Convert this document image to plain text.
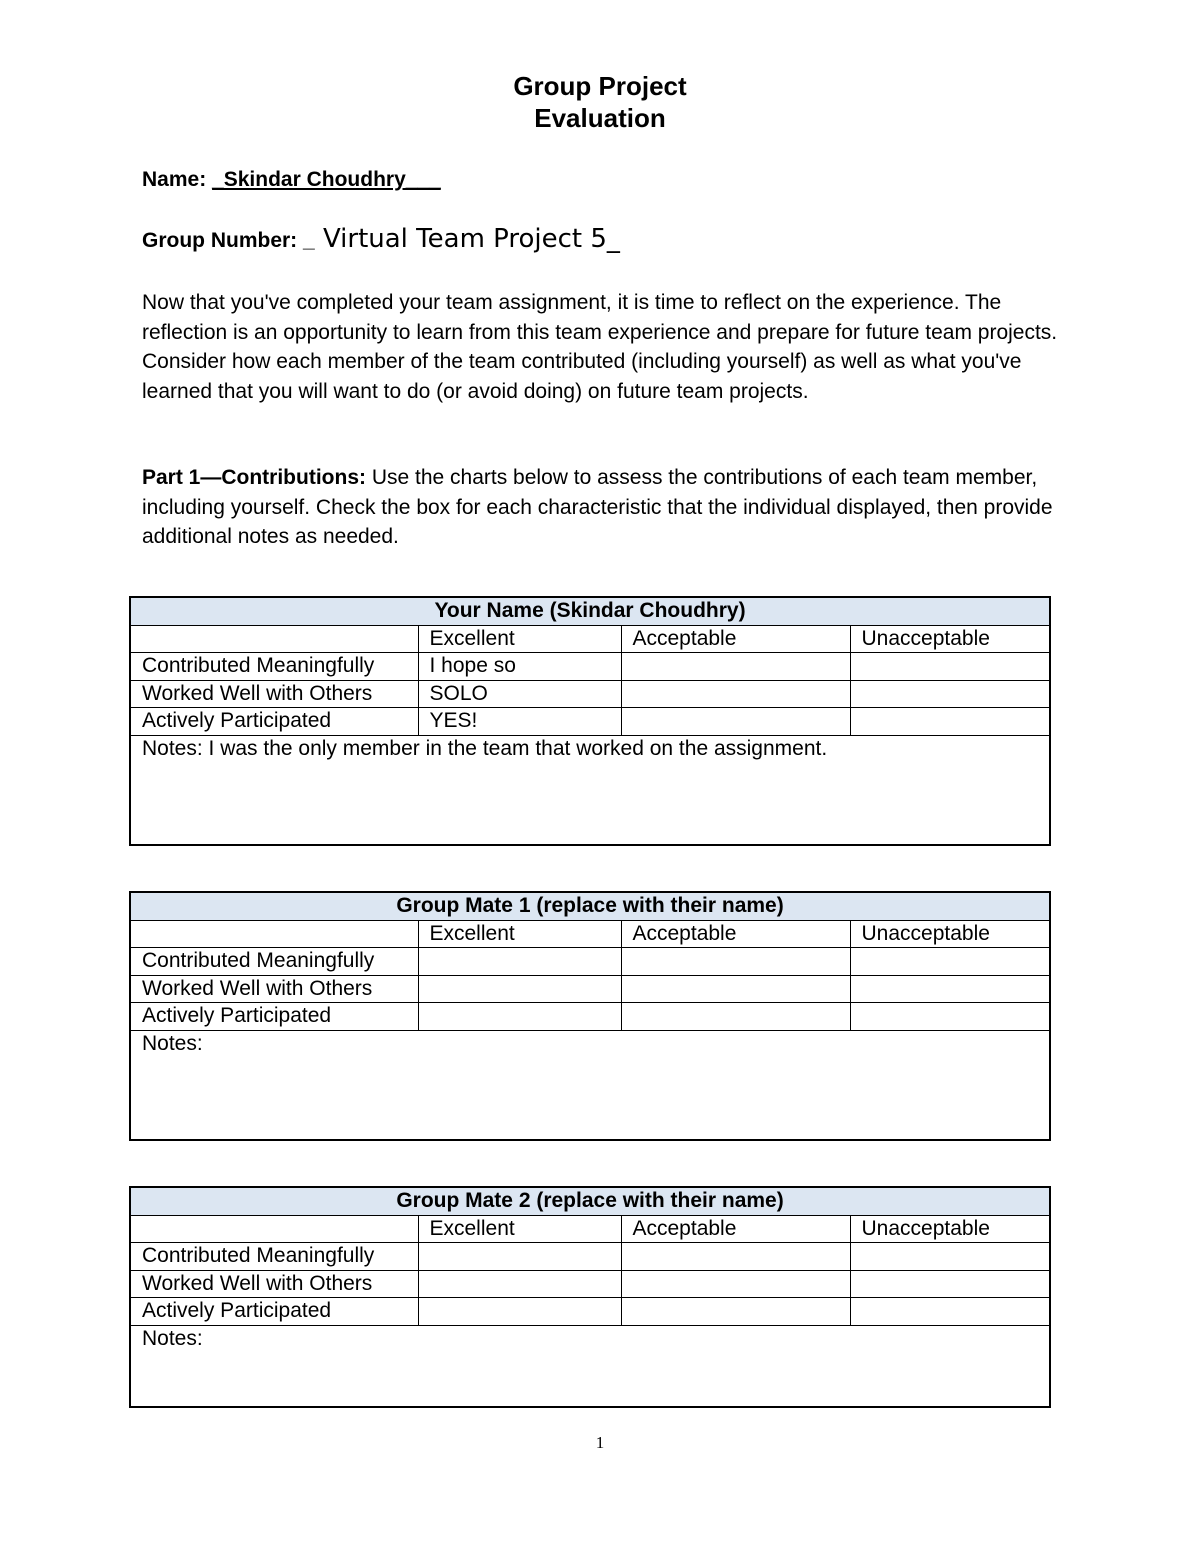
Group Project
Evaluation
Name: _Skindar Choudhry___
Group Number: _ Virtual Team Project 5_

Now that you've completed your team assignment, it is time to reflect on the experience. The reflection is an opportunity to learn from this team experience and prepare for future team projects. Consider how each member of the team contributed (including yourself) as well as what you've learned that you will want to do (or avoid doing) on future team projects.

Part 1—Contributions: Use the charts below to assess the contributions of each team member, including yourself. Check the box for each characteristic that the individual displayed, then provide additional notes as needed.

Your Name (Skindar Choudhry)			
	Excellent	Acceptable	Unacceptable
Contributed Meaningfully	I hope so		
Worked Well with Others	SOLO		
Actively Participated	YES!		
Notes: I was the only member in the team that worked on the assignment.			
Group Mate 1 (replace with their name)			
	Excellent	Acceptable	Unacceptable
Contributed Meaningfully			
Worked Well with Others			
Actively Participated			
Notes:			
Group Mate 2 (replace with their name)			
	Excellent	Acceptable	Unacceptable
Contributed Meaningfully			
Worked Well with Others			
Actively Participated			
Notes:			
1
